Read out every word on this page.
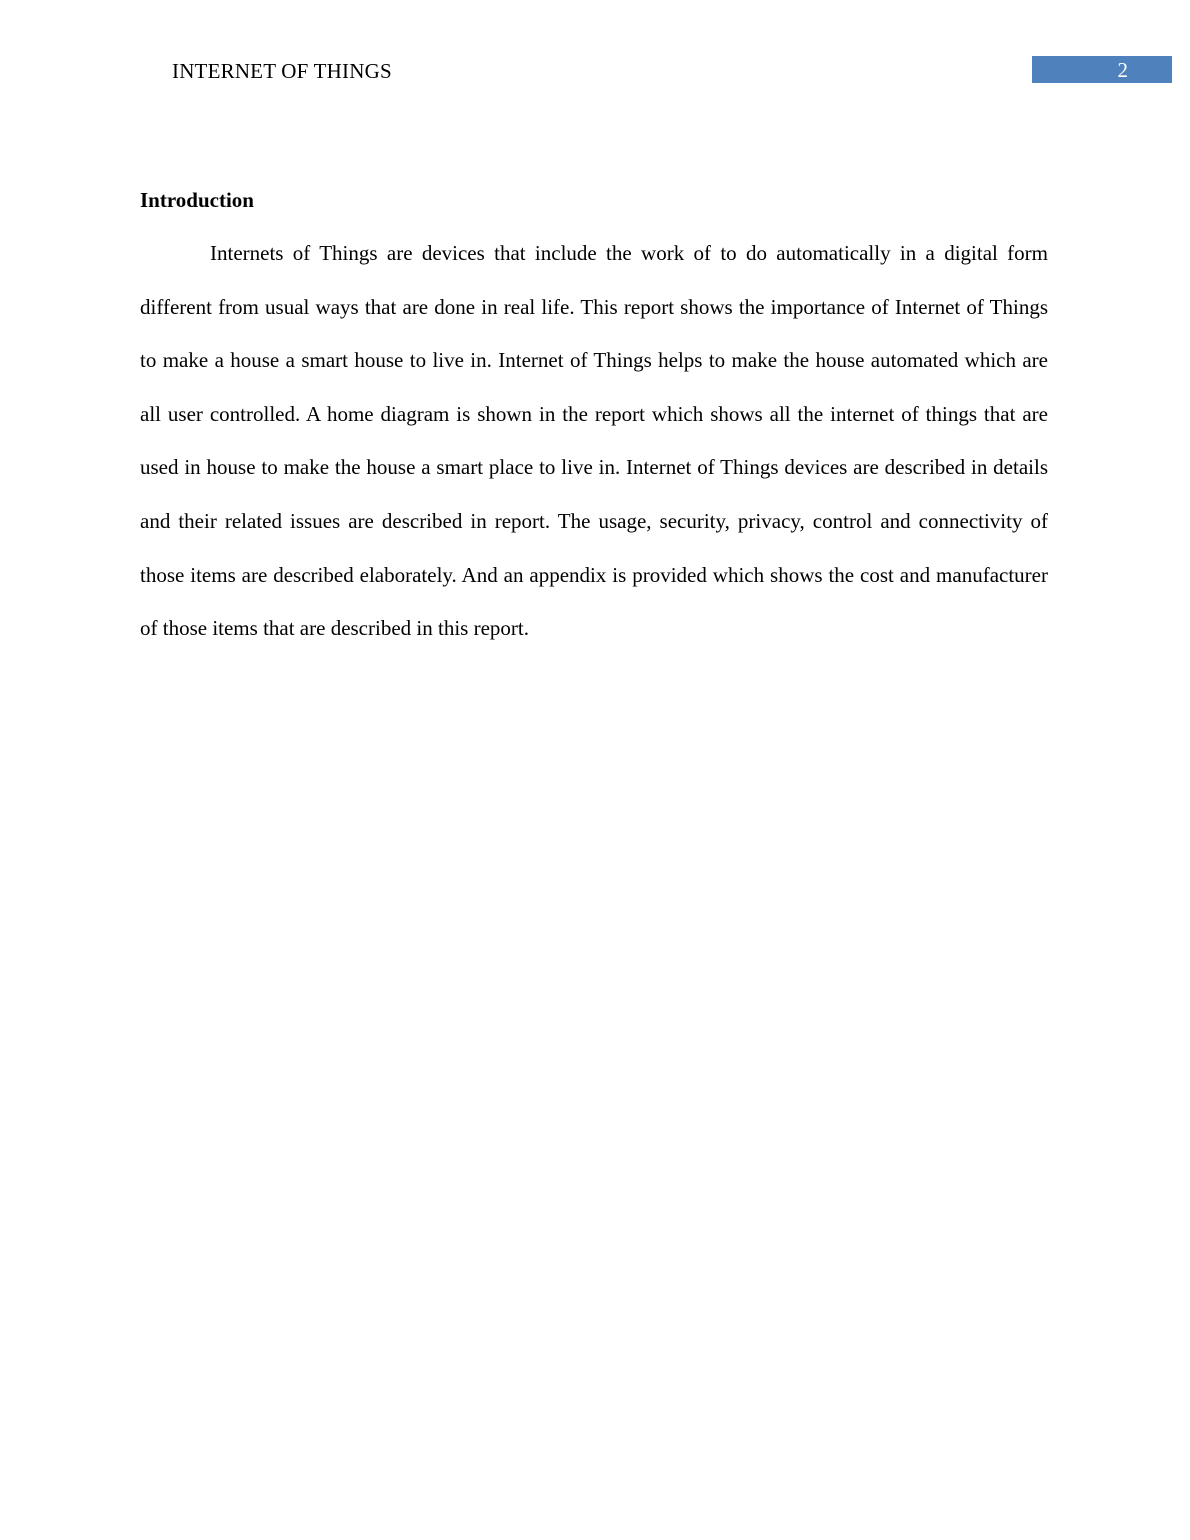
INTERNET OF THINGS	2
Introduction

Internets of Things are devices that include the work of to do automatically in a digital form different from usual ways that are done in real life. This report shows the importance of Internet of Things to make a house a smart house to live in. Internet of Things helps to make the house automated which are all user controlled. A home diagram is shown in the report which shows all the internet of things that are used in house to make the house a smart place to live in. Internet of Things devices are described in details and their related issues are described in report. The usage, security, privacy, control and connectivity of those items are described elaborately. And an appendix is provided which shows the cost and manufacturer of those items that are described in this report.
